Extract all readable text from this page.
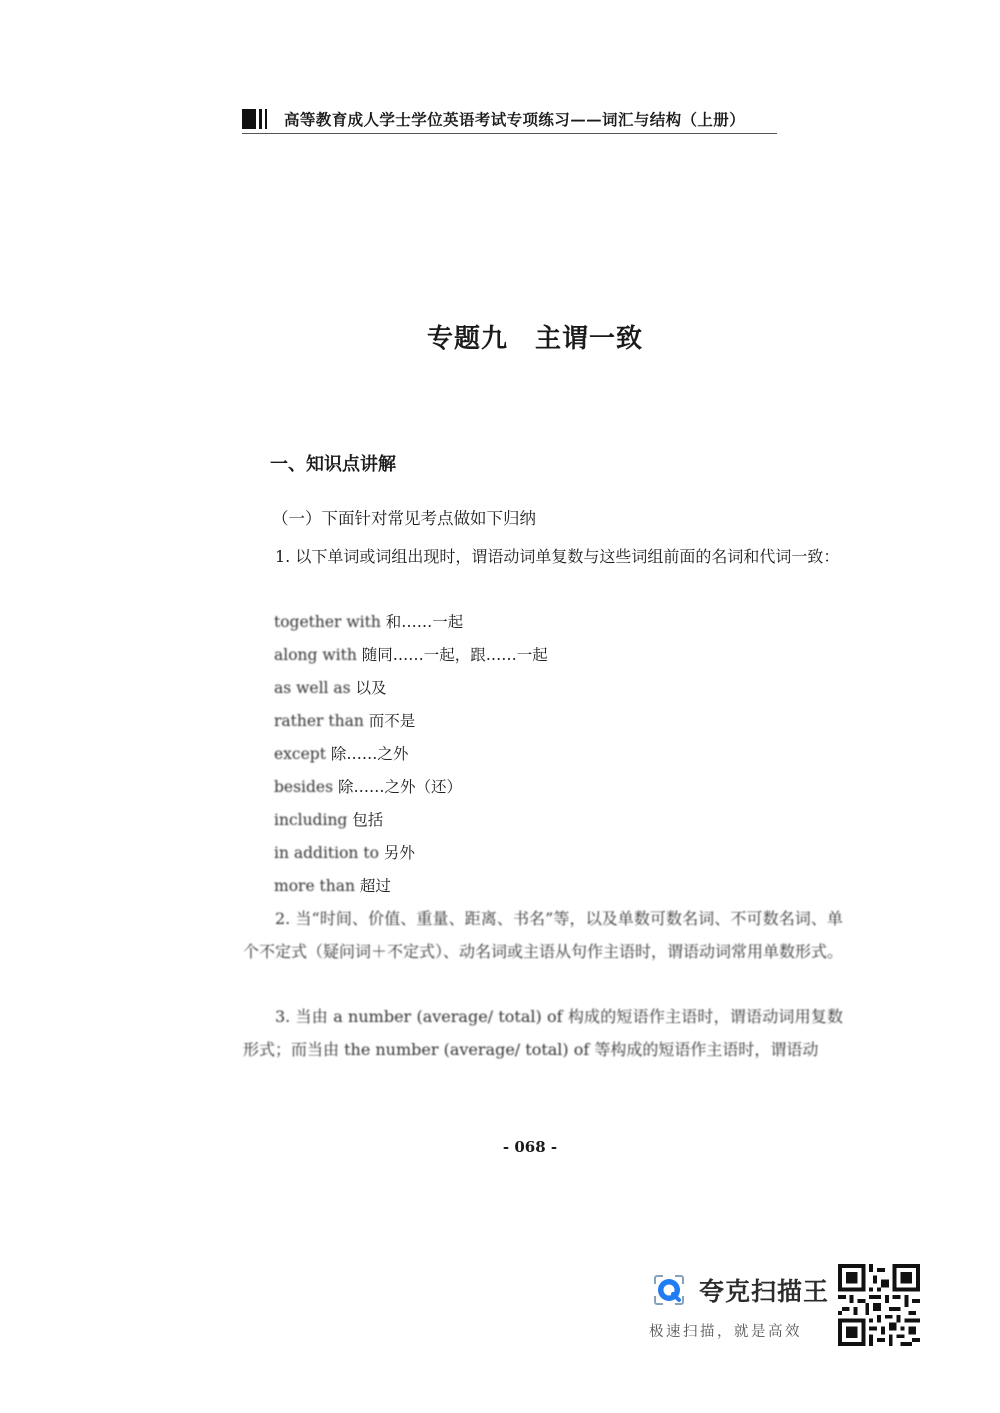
高等教育成人学士学位英语考试专项练习——词汇与结构（上册）
专题九　主谓一致
一、知识点讲解
（一）下面针对常见考点做如下归纳

1. 以下单词或词组出现时，谓语动词单复数与这些词组前面的名词和代词一致：

together with 和……一起
along with 随同……一起，跟……一起
as well as 以及
rather than 而不是
except 除……之外
besides 除……之外（还）
including 包括
in addition to 另外
more than 超过

2. 当“时间、价值、重量、距离、书名”等，以及单数可数名词、不可数名词、单个不定式（疑问词＋不定式）、动名词或主语从句作主语时，谓语动词常用单数形式。

3. 当由 a number (average/ total) of 构成的短语作主语时，谓语动词用复数形式；而当由 the number (average/ total) of 等构成的短语作主语时，谓语动

- 068 -
夸克扫描王
极速扫描，就是高效
